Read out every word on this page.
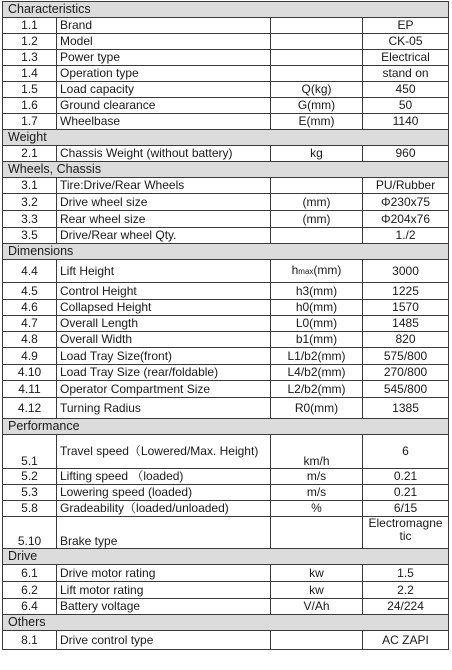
Characteristics			
1.1	Brand		EP
1.2	Model		CK-05
1.3	Power type		Electrical
1.4	Operation type		stand on
1.5	Load capacity	Q(kg)	450
1.6	Ground clearance	G(mm)	50
1.7	Wheelbase	E(mm)	1140
Weight			
2.1	Chassis Weight (without battery)	kg	960
Wheels, Chassis			
3.1	Tire:Drive/Rear Wheels		PU/Rubber
3.2	Drive wheel size	(mm)	Φ230x75
3.3	Rear wheel size	(mm)	Φ204x76
3.5	Drive/Rear wheel Qty.		1./2
Dimensions			
4.4	Lift Height	hmax(mm)	3000
4.5	Control Height	h3(mm)	1225
4.6	Collapsed Height	h0(mm)	1570
4.7	Overall Length	L0(mm)	1485
4.8	Overall Width	b1(mm)	820
4.9	Load Tray Size(front)	L1/b2(mm)	575/800
4.10	Load Tray Size (rear/foldable)	L4/b2(mm)	270/800
4.11	Operator Compartment Size	L2/b2(mm)	545/800
4.12	Turning Radius	R0(mm)	1385
Performance			
5.1	Travel speed（Lowered/Max. Height)	km/h	6
5.2	Lifting speed （loaded)	m/s	0.21
5.3	Lowering speed (loaded)	m/s	0.21
5.8	Gradeability（loaded/unloaded)	%	6/15
5.10	Brake type		Electromagne
tic

Drive			
6.1	Drive motor rating	kw	1.5
6.2	Lift motor rating	kw	2.2
6.4	Battery voltage	V/Ah	24/224
Others			
8.1	Drive control type		AC ZAPI
